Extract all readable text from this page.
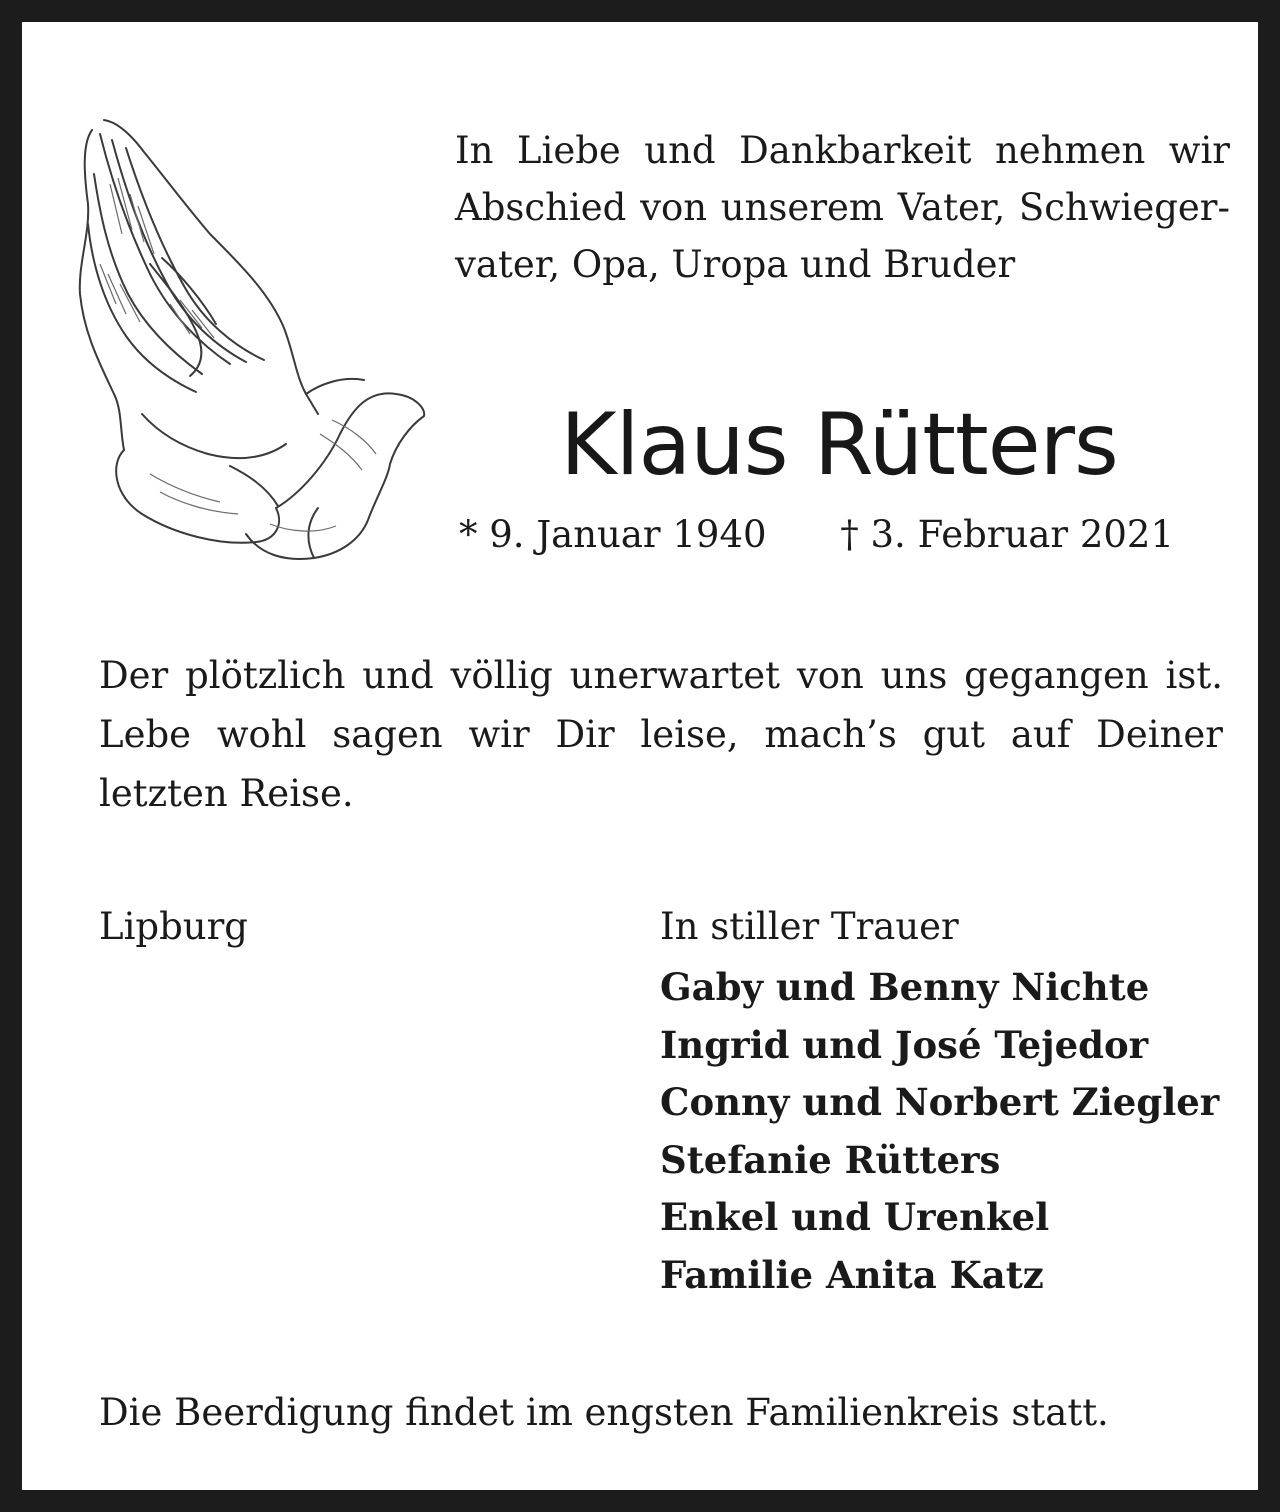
In Liebe und Dankbarkeit nehmen wir
Abschied von unserem Vater, Schwieger-
vater, Opa, Uropa und Bruder
Klaus Rütters
* 9. Januar 1940 † 3. Februar 2021
Der plötzlich und völlig unerwartet von uns gegangen ist.
Lebe wohl sagen wir Dir leise, mach’s gut auf Deiner
letzten Reise.
Lipburg	In stiller Trauer
Gaby und Benny Nichte
Ingrid und José Tejedor
Conny und Norbert Ziegler
Stefanie Rütters
Enkel und Urenkel
Familie Anita Katz
Die Beerdigung findet im engsten Familienkreis statt.
